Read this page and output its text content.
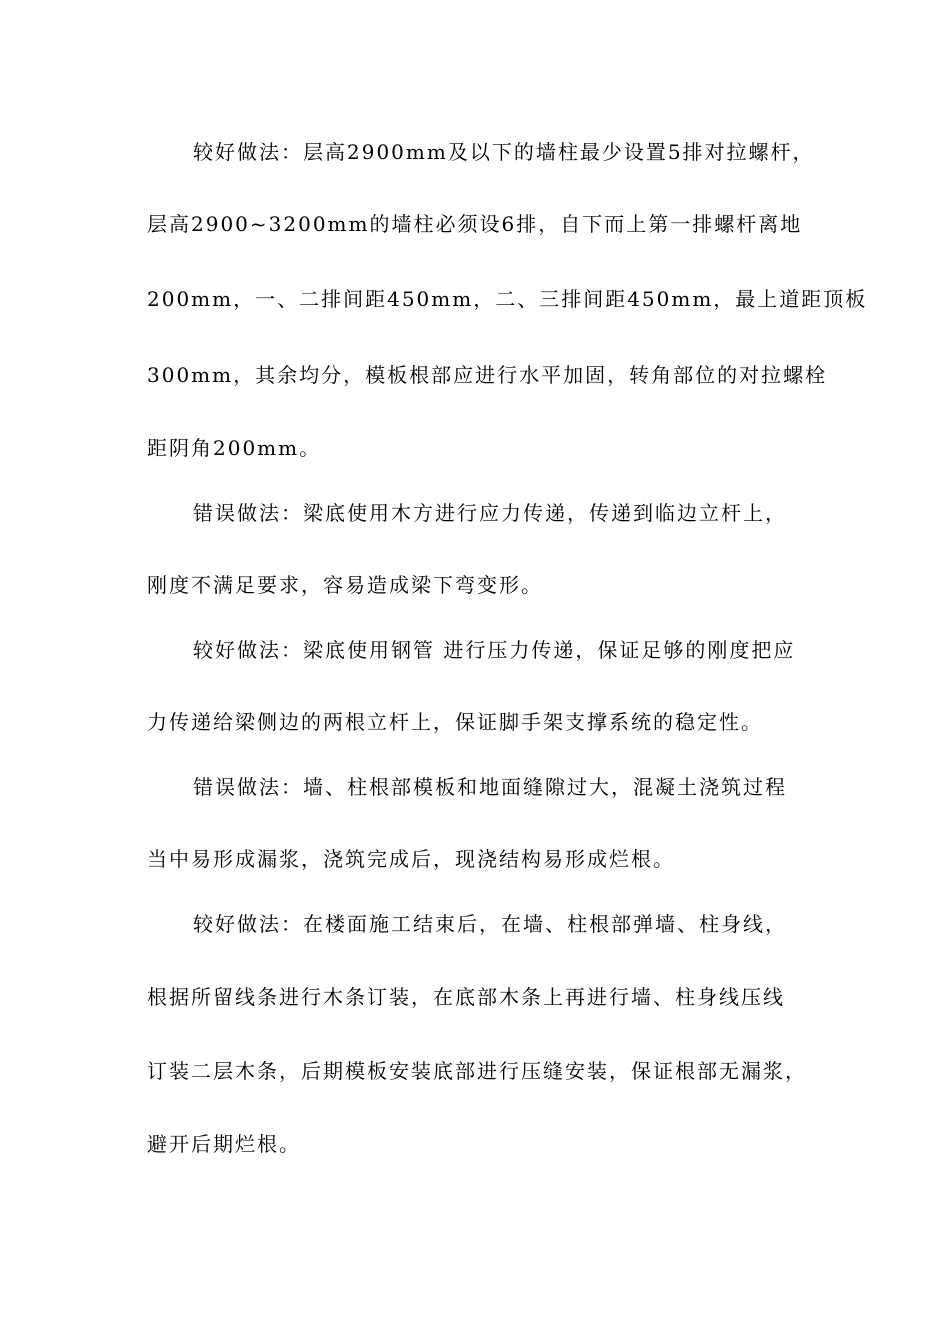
较好做法：层高2900mm及以下的墙柱最少设置5排对拉螺杆，
层高2900~3200mm的墙柱必须设6排，自下而上第一排螺杆离地
200mm，一、二排间距450mm，二、三排间距450mm，最上道距顶板
300mm，其余均分，模板根部应进行水平加固，转角部位的对拉螺栓
距阴角200mm。
错误做法：梁底使用木方进行应力传递，传递到临边立杆上，
刚度不满足要求，容易造成梁下弯变形。
较好做法：梁底使用钢管 进行压力传递，保证足够的刚度把应
力传递给梁侧边的两根立杆上，保证脚手架支撑系统的稳定性。
错误做法：墙、柱根部模板和地面缝隙过大，混凝土浇筑过程
当中易形成漏浆，浇筑完成后，现浇结构易形成烂根。
较好做法：在楼面施工结束后，在墙、柱根部弹墙、柱身线，
根据所留线条进行木条订装，在底部木条上再进行墙、柱身线压线
订装二层木条，后期模板安装底部进行压缝安装，保证根部无漏浆，
避开后期烂根。
